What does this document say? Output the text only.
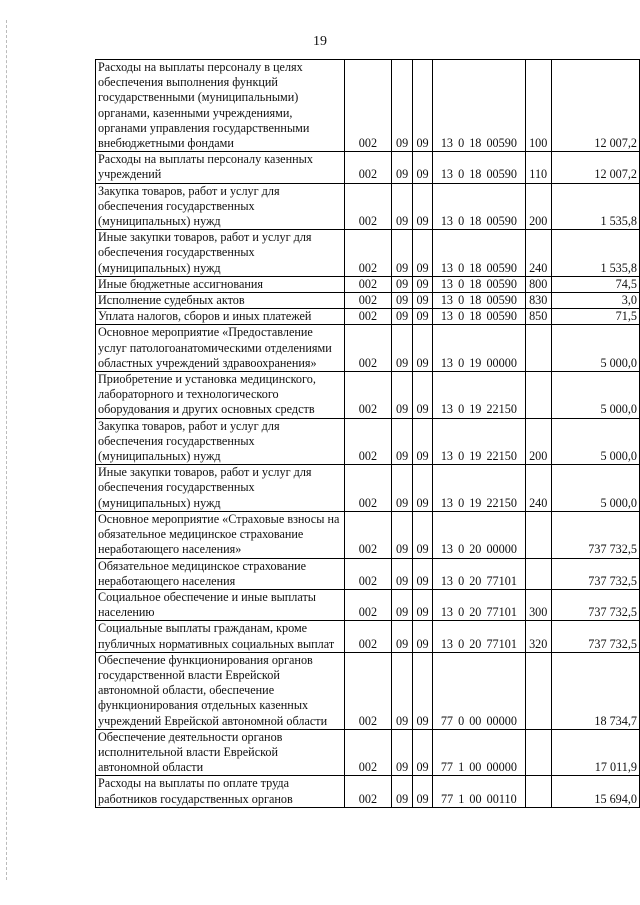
19
Расходы на выплаты персоналу в целях обеспечения выполнения функций государственными (муниципальными) органами, казенными учреждениями, органами управления государственными внебюджетными фондами	002	09	09	13 0 18 00590	100	12 007,2
Расходы на выплаты персоналу казенных учреждений	002	09	09	13 0 18 00590	110	12 007,2
Закупка товаров, работ и услуг для обеспечения государственных (муниципальных) нужд	002	09	09	13 0 18 00590	200	1 535,8
Иные закупки товаров, работ и услуг для обеспечения государственных (муниципальных) нужд	002	09	09	13 0 18 00590	240	1 535,8
Иные бюджетные ассигнования	002	09	09	13 0 18 00590	800	74,5
Исполнение судебных актов	002	09	09	13 0 18 00590	830	3,0
Уплата налогов, сборов и иных платежей	002	09	09	13 0 18 00590	850	71,5
Основное мероприятие «Предоставление услуг патологоанатомическими отделениями областных учреждений здравоохранения»	002	09	09	13 0 19 00000		5 000,0
Приобретение и установка медицинского, лабораторного и технологического оборудования и других основных средств	002	09	09	13 0 19 22150		5 000,0
Закупка товаров, работ и услуг для обеспечения государственных (муниципальных) нужд	002	09	09	13 0 19 22150	200	5 000,0
Иные закупки товаров, работ и услуг для обеспечения государственных (муниципальных) нужд	002	09	09	13 0 19 22150	240	5 000,0
Основное мероприятие «Страховые взносы на обязательное медицинское страхование неработающего населения»	002	09	09	13 0 20 00000		737 732,5
Обязательное медицинское страхование неработающего населения	002	09	09	13 0 20 77101		737 732,5
Социальное обеспечение и иные выплаты населению	002	09	09	13 0 20 77101	300	737 732,5
Социальные выплаты гражданам, кроме публичных нормативных социальных выплат	002	09	09	13 0 20 77101	320	737 732,5
Обеспечение функционирования органов государственной власти Еврейской автономной области, обеспечение функционирования отдельных казенных учреждений Еврейской автономной области	002	09	09	77 0 00 00000		18 734,7
Обеспечение деятельности органов исполнительной власти Еврейской автономной области	002	09	09	77 1 00 00000		17 011,9
Расходы на выплаты по оплате труда работников государственных органов	002	09	09	77 1 00 00110		15 694,0
